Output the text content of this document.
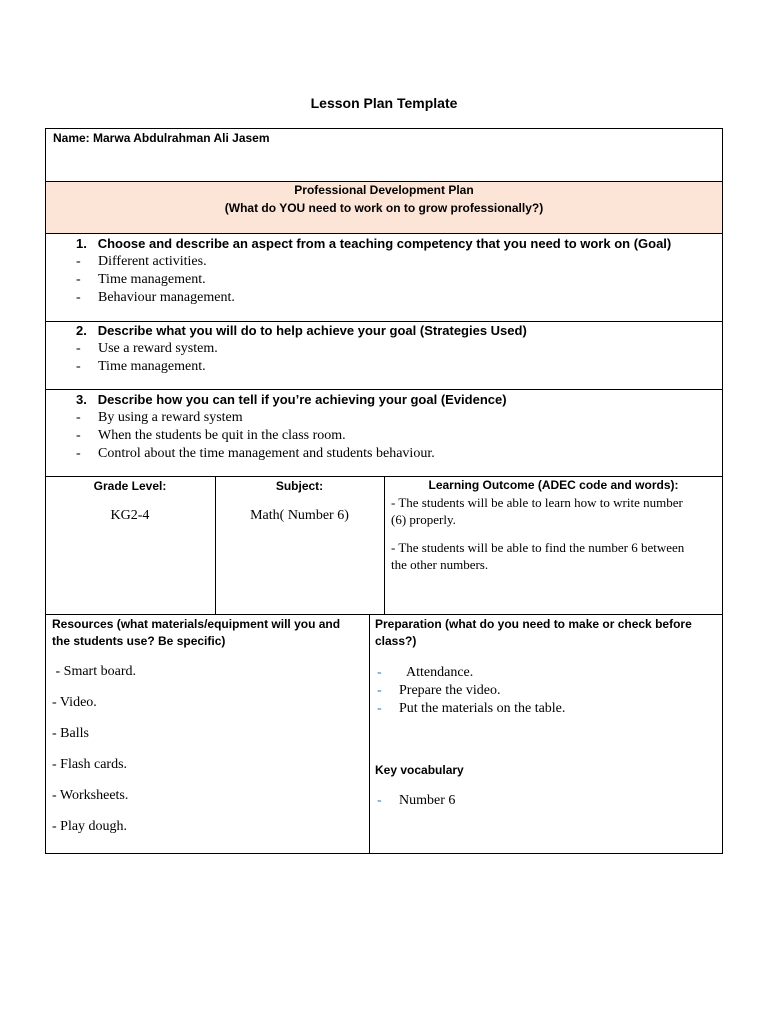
Lesson Plan Template
Name: Marwa Abdulrahman Ali Jasem
Professional Development Plan
(What do YOU need to work on to grow professionally?)
1. Choose and describe an aspect from a teaching competency that you need to work on (Goal)
- Different activities.
- Time management.
- Behaviour management.
2. Describe what you will do to help achieve your goal (Strategies Used)
- Use a reward system.
- Time management.
3. Describe how you can tell if you’re achieving your goal (Evidence)
- By using a reward system
- When the students be quit in the class room.
- Control about the time management and students behaviour.
Grade Level:
KG2-4
Subject:
Math( Number 6)
Learning Outcome (ADEC code and words):
- The students will be able to learn how to write number
(6) properly.
- The students will be able to find the number 6 between
the other numbers.
Resources (what materials/equipment will you and
the students use? Be specific)
- Smart board.
- Video.
- Balls
- Flash cards.
- Worksheets.
- Play dough.
Preparation (what do you need to make or check before
class?)
- Attendance.
- Prepare the video.
- Put the materials on the table.
Key vocabulary
- Number 6
